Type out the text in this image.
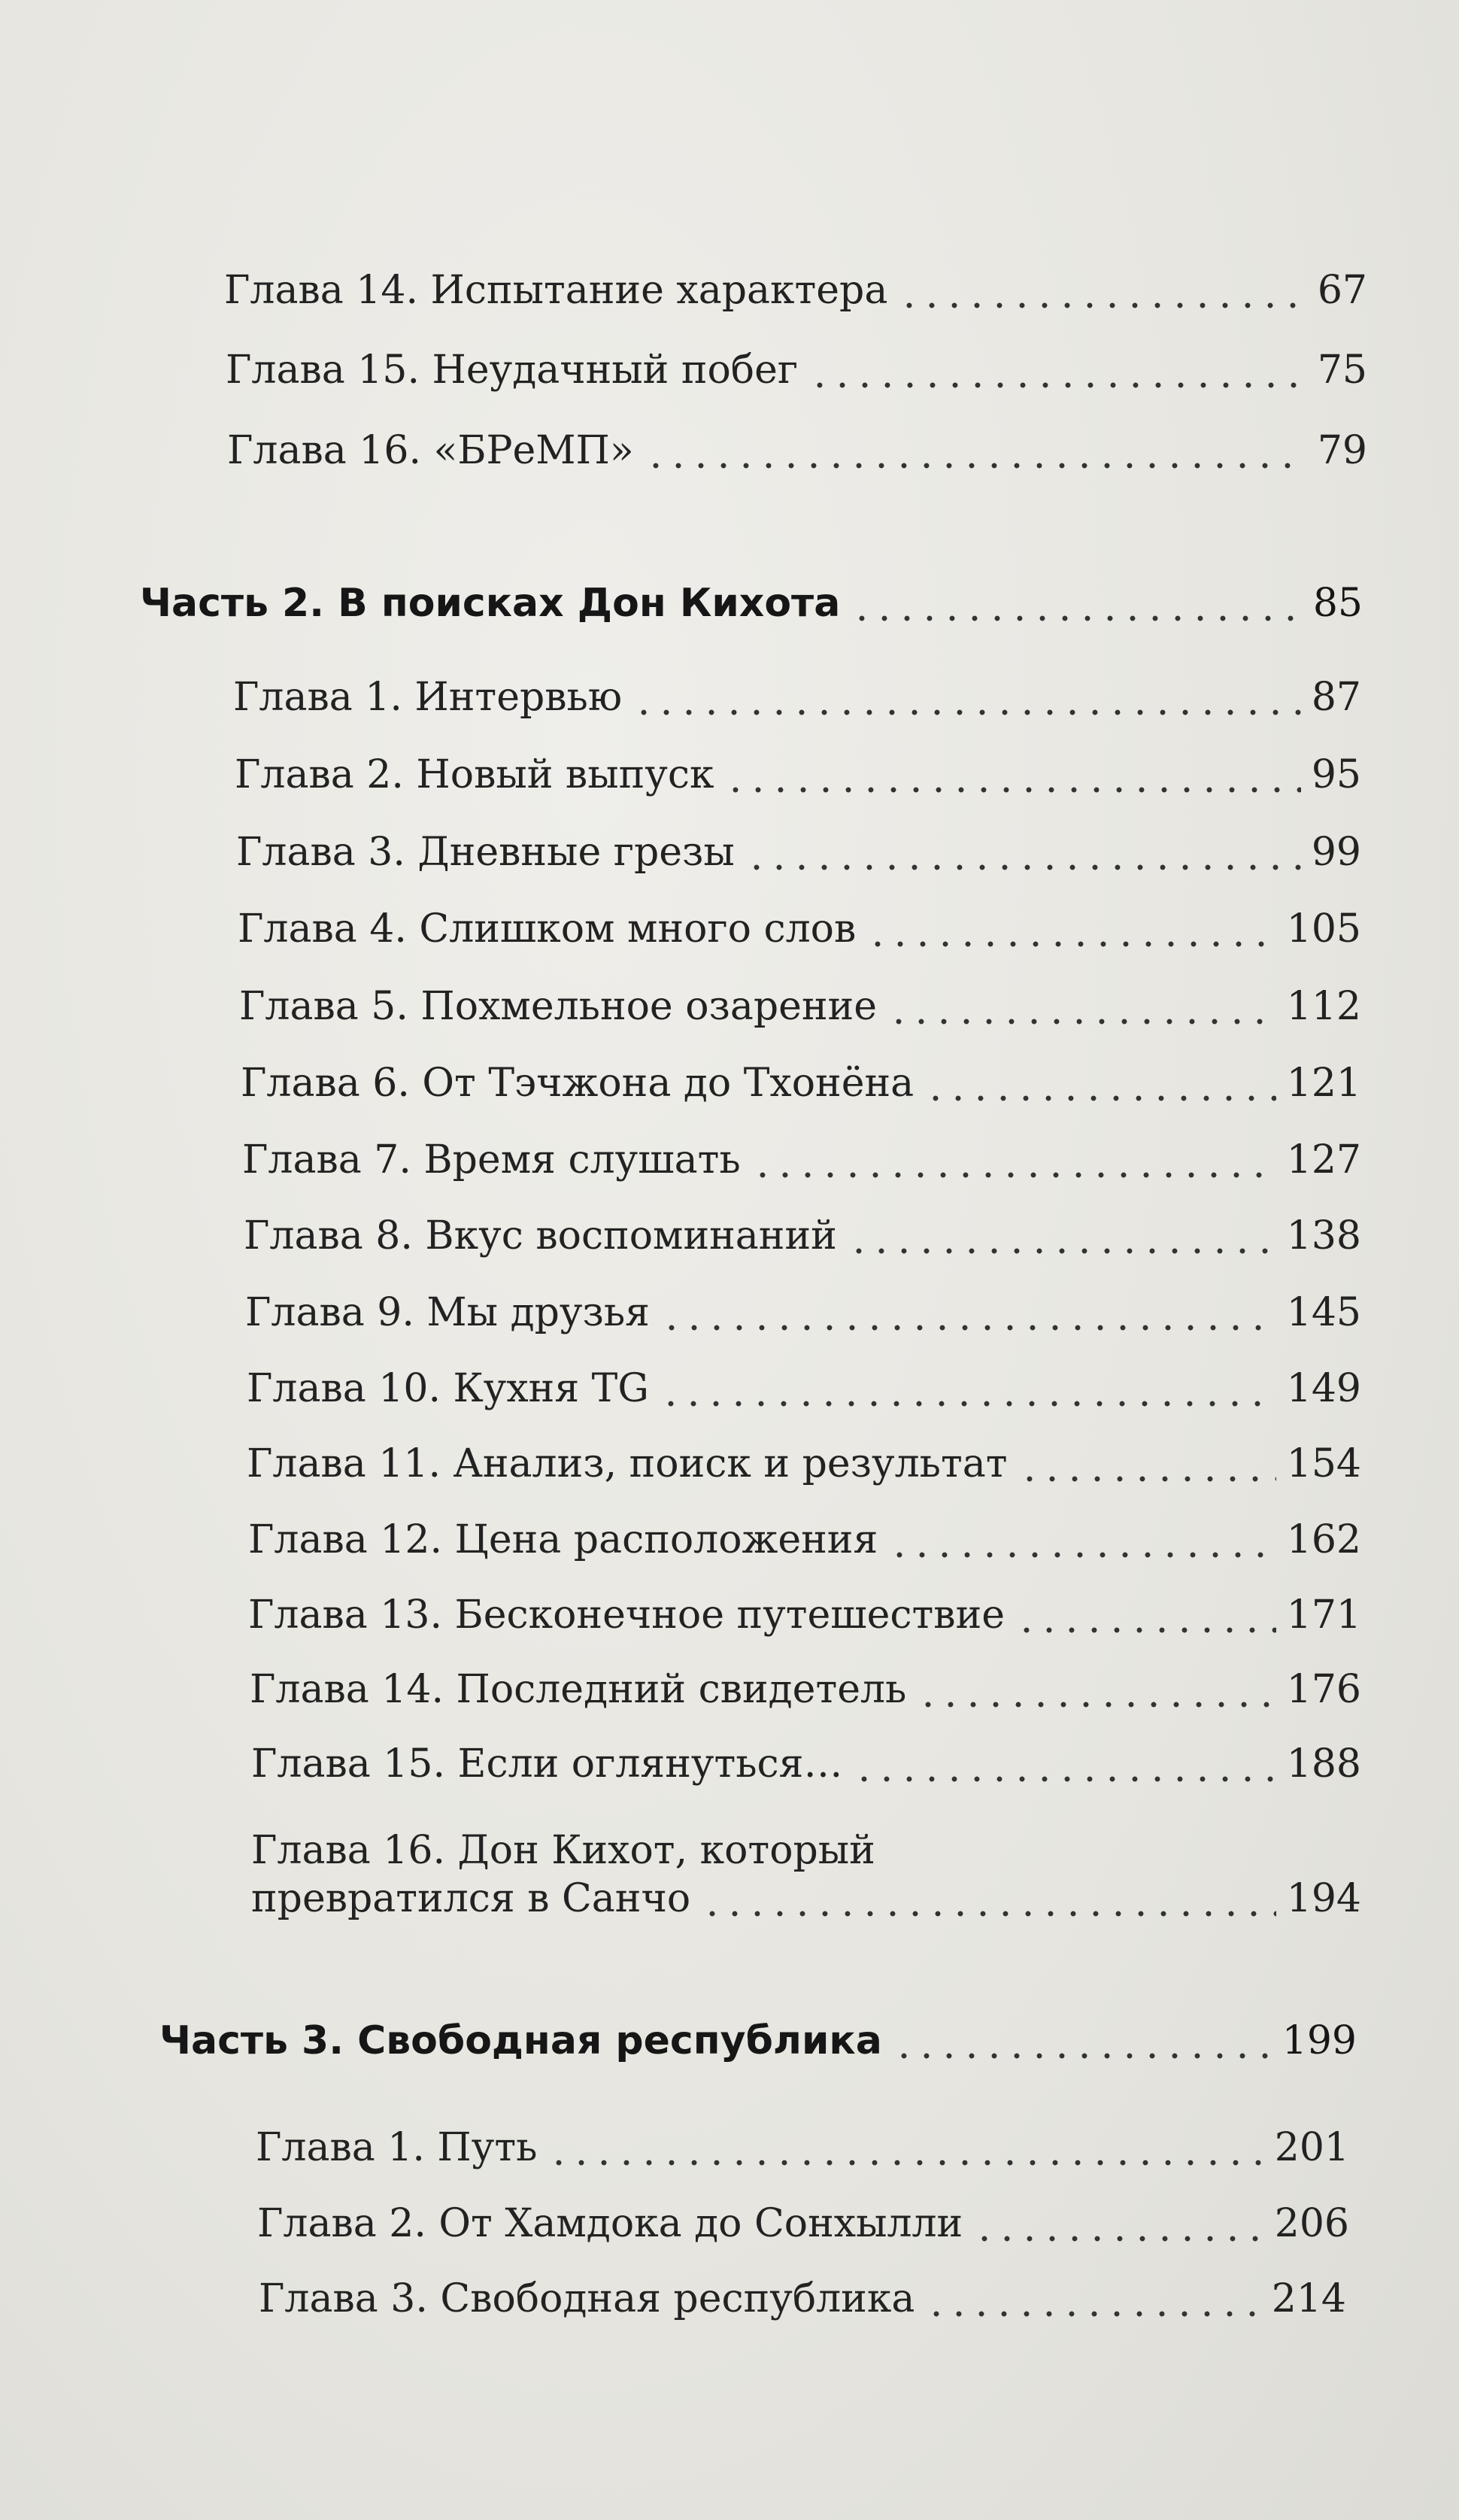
Глава 14. Испытание характера	67
Глава 15. Неудачный побег	75
Глава 16. «БРеМП»	79
Часть 2. В поисках Дон Кихота	85
Глава 1. Интервью	87
Глава 2. Новый выпуск	95
Глава 3. Дневные грезы	99
Глава 4. Слишком много слов	105
Глава 5. Похмельное озарение	112
Глава 6. От Тэчжона до Тхонёна	121
Глава 7. Время слушать	127
Глава 8. Вкус воспоминаний	138
Глава 9. Мы друзья	145
Глава 10. Кухня TG	149
Глава 11. Анализ, поиск и результат	154
Глава 12. Цена расположения	162
Глава 13. Бесконечное путешествие	171
Глава 14. Последний свидетель	176
Глава 15. Если оглянуться…	188
Глава 16. Дон Кихот, который
превратился в Санчо	194
Часть 3. Свободная республика	199
Глава 1. Путь	201
Глава 2. От Хамдока до Сонхылли	206
Глава 3. Свободная республика	214
